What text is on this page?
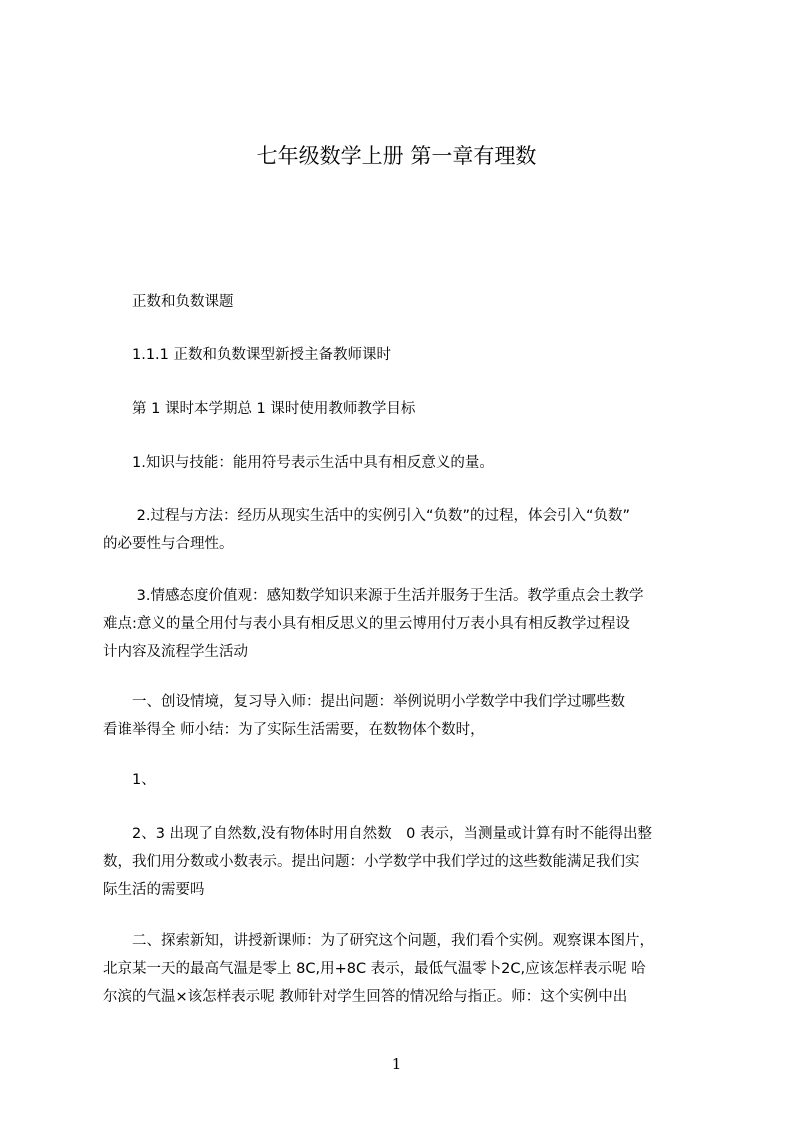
七年级数学上册 第一章有理数
　　正数和负数课题
　　1.1.1 正数和负数课型新授主备教师课时
　　第 1 课时本学期总 1 课时使用教师教学目标
　　1.知识与技能：能用符号表示生活中具有相反意义的量。
　　 2.过程与方法：经历从现实生活中的实例引入“负数”的过程，体会引入“负数”
的必要性与合理性。
　　 3.情感态度价值观：感知数学知识来源于生活并服务于生活。教学重点会土教学
难点:意义的量仝用付与表小具有相反思义的里云博用付万表小具有相反教学过程设
计内容及流程学生活动
　　一、创设情境，复习导入师：提出问题：举例说明小学数学中我们学过哪些数
看谁举得全 师小结：为了实际生活需要，在数物体个数时，
　　1、
　　2、3 出现了自然数,没有物体时用自然数　0 表示，当测量或计算有时不能得出整
数，我们用分数或小数表示。提出问题：小学数学中我们学过的这些数能满足我们实
际生活的需要吗
　　二、探索新知，讲授新课师：为了研究这个问题，我们看个实例。观察课本图片，
北京某一天的最高气温是零上 8C,用+8C 表示，最低气温零卜2C,应该怎样表示呢 哈
尔滨的气温×该怎样表示呢 教师针对学生回答的情况给与指正。师：这个实例中出
1
